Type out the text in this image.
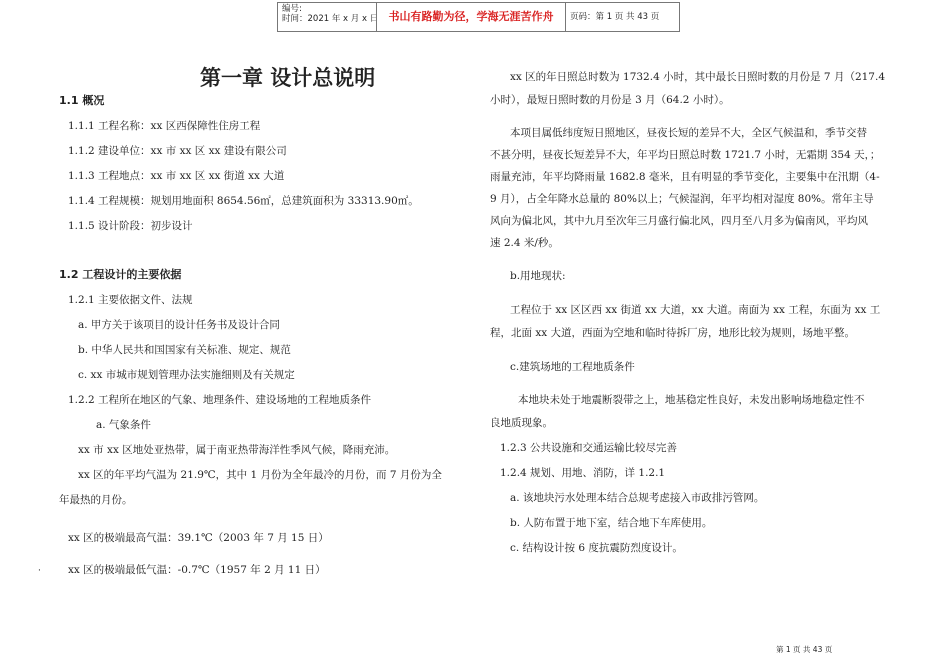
编号:
时间：2021 年 x 月 x 日 书山有路勤为径，学海无涯苦作舟	页码：第 1 页 共 43 页
第一章 设计总说明
1.1 概况
1.1.1 工程名称：xx 区西保障性住房工程
1.1.2 建设单位：xx 市 xx 区 xx 建设有限公司
1.1.3 工程地点：xx 市 xx 区 xx 街道 xx 大道
1.1.4 工程规模：规划用地面积 8654.56㎡，总建筑面积为 33313.90㎡。
1.1.5 设计阶段：初步设计
1.2 工程设计的主要依据
1.2.1 主要依据文件、法规
a. 甲方关于该项目的设计任务书及设计合同
b. 中华人民共和国国家有关标准、规定、规范
c. xx 市城市规划管理办法实施细则及有关规定
1.2.2 工程所在地区的气象、地理条件、建设场地的工程地质条件
a. 气象条件
xx 市 xx 区地处亚热带，属于南亚热带海洋性季风气候，降雨充沛。
xx 区的年平均气温为 21.9℃，其中 1 月份为全年最冷的月份，而 7 月份为全
年最热的月份。
xx 区的极端最高气温：39.1℃（2003 年 7 月 15 日）
xx 区的极端最低气温：-0.7℃（1957 年 2 月 11 日）
·
xx 区的年日照总时数为 1732.4 小时，其中最长日照时数的月份是 7 月（217.4
小时），最短日照时数的月份是 3 月（64.2 小时）。
本项目属低纬度短日照地区，昼夜长短的差异不大，全区气候温和，季节交替
不甚分明，昼夜长短差异不大，年平均日照总时数 1721.7 小时，无霜期 354 天，；
雨量充沛，年平均降雨量 1682.8 毫米，且有明显的季节变化，主要集中在汛期（4-
9 月），占全年降水总量的 80%以上；气候湿润，年平均相对湿度 80%。常年主导
风向为偏北风，其中九月至次年三月盛行偏北风，四月至八月多为偏南风，平均风
速 2.4 米/秒。
b.用地现状:
工程位于 xx 区区西 xx 街道 xx 大道，xx 大道。南面为 xx 工程，东面为 xx 工
程，北面 xx 大道，西面为空地和临时待拆厂房，地形比较为规则，场地平整。
c.建筑场地的工程地质条件
本地块未处于地震断裂带之上，地基稳定性良好，未发出影响场地稳定性不
良地质现象。
1.2.3 公共设施和交通运输比较尽完善
1.2.4 规划、用地、消防，详 1.2.1
a. 该地块污水处理本结合总规考虑接入市政排污管网。
b. 人防布置于地下室，结合地下车库使用。
c. 结构设计按 6 度抗震防烈度设计。
第 1 页 共 43 页
